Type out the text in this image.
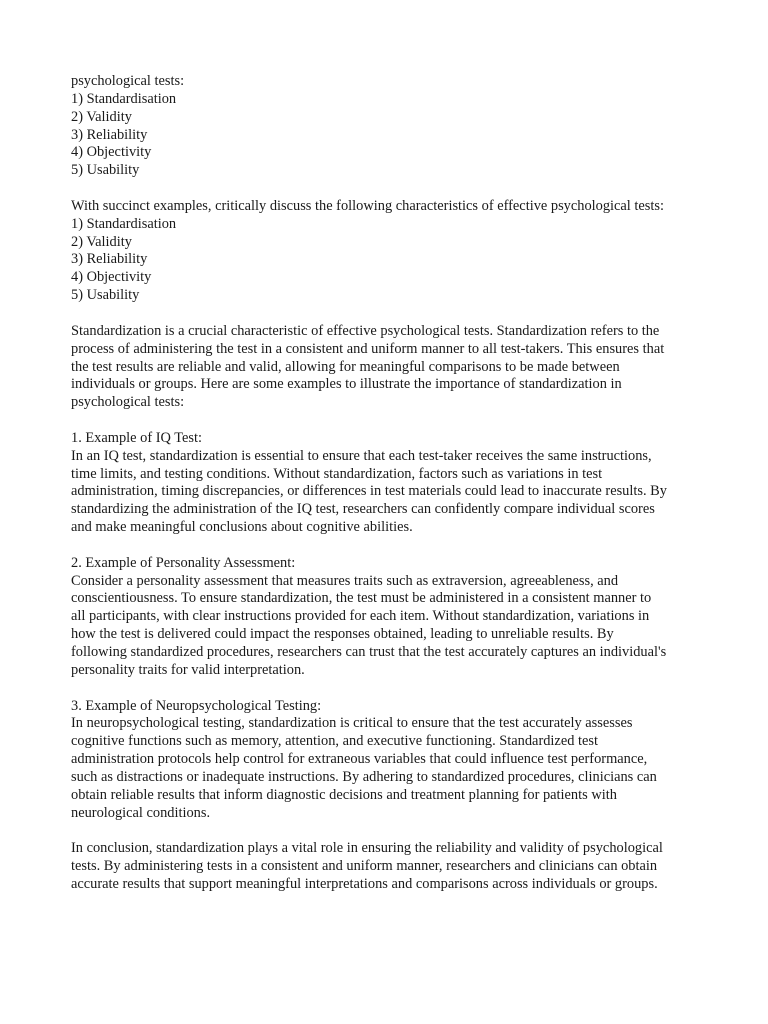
psychological tests:
1) Standardisation
2) Validity
3) Reliability
4) Objectivity
5) Usability
With succinct examples, critically discuss the following characteristics of effective psychological tests:
1) Standardisation
2) Validity
3) Reliability
4) Objectivity
5) Usability
Standardization is a crucial characteristic of effective psychological tests. Standardization refers to the
process of administering the test in a consistent and uniform manner to all test-takers. This ensures that
the test results are reliable and valid, allowing for meaningful comparisons to be made between
individuals or groups. Here are some examples to illustrate the importance of standardization in
psychological tests:
1. Example of IQ Test:
In an IQ test, standardization is essential to ensure that each test-taker receives the same instructions,
time limits, and testing conditions. Without standardization, factors such as variations in test
administration, timing discrepancies, or differences in test materials could lead to inaccurate results. By
standardizing the administration of the IQ test, researchers can confidently compare individual scores
and make meaningful conclusions about cognitive abilities.
2. Example of Personality Assessment:
Consider a personality assessment that measures traits such as extraversion, agreeableness, and
conscientiousness. To ensure standardization, the test must be administered in a consistent manner to
all participants, with clear instructions provided for each item. Without standardization, variations in
how the test is delivered could impact the responses obtained, leading to unreliable results. By
following standardized procedures, researchers can trust that the test accurately captures an individual's
personality traits for valid interpretation.
3. Example of Neuropsychological Testing:
In neuropsychological testing, standardization is critical to ensure that the test accurately assesses
cognitive functions such as memory, attention, and executive functioning. Standardized test
administration protocols help control for extraneous variables that could influence test performance,
such as distractions or inadequate instructions. By adhering to standardized procedures, clinicians can
obtain reliable results that inform diagnostic decisions and treatment planning for patients with
neurological conditions.
In conclusion, standardization plays a vital role in ensuring the reliability and validity of psychological
tests. By administering tests in a consistent and uniform manner, researchers and clinicians can obtain
accurate results that support meaningful interpretations and comparisons across individuals or groups.
